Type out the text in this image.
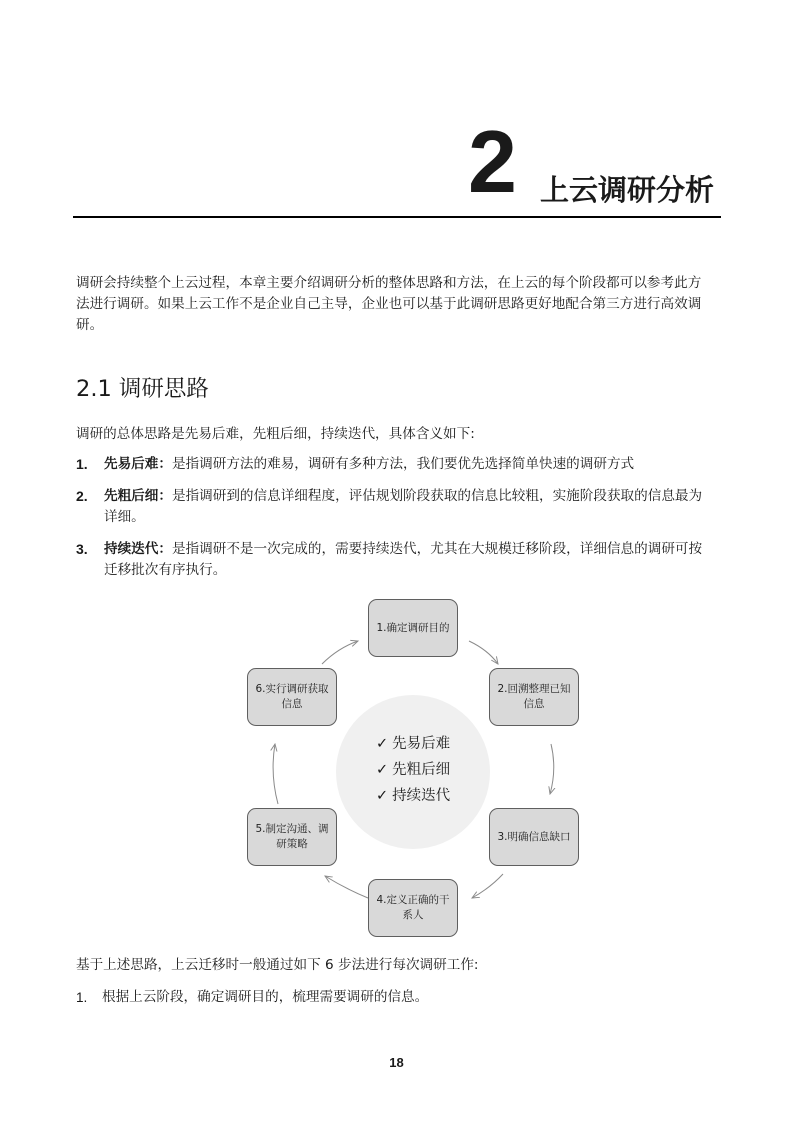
2 上云调研分析

调研会持续整个上云过程，本章主要介绍调研分析的整体思路和方法，在上云的每个阶段都可以参考此方法进行调研。如果上云工作不是企业自己主导，企业也可以基于此调研思路更好地配合第三方进行高效调研。

2.1 调研思路

调研的总体思路是先易后难，先粗后细，持续迭代，具体含义如下:

1. 先易后难：是指调研方法的难易，调研有多种方法，我们要优先选择简单快速的调研方式
2. 先粗后细：是指调研到的信息详细程度，评估规划阶段获取的信息比较粗，实施阶段获取的信息最为详细。
3. 持续迭代：是指调研不是一次完成的，需要持续迭代，尤其在大规模迁移阶段，详细信息的调研可按迁移批次有序执行。
✓ 先易后难
✓ 先粗后细
✓ 持续迭代
1.确定调研目的
2.回溯整理已知信息
3.明确信息缺口
4.定义正确的干系人
5.制定沟通、调研策略
6.实行调研获取信息

基于上述思路，上云迁移时一般通过如下 6 步法进行每次调研工作:

1. 根据上云阶段，确定调研目的，梳理需要调研的信息。
18
